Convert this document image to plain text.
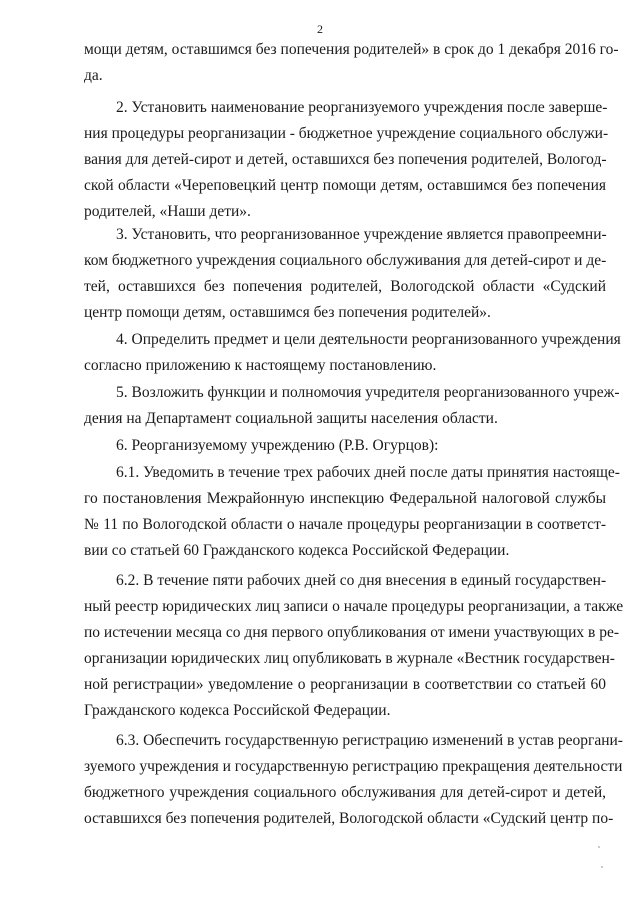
2

мощи детям, оставшимся без попечения родителей» в срок до 1 декабря 2016 го-

да.

2. Установить наименование реорганизуемого учреждения после заверше-

ния процедуры реорганизации - бюджетное учреждение социального обслужи-

вания для детей-сирот и детей, оставшихся без попечения родителей, Вологод-

ской области «Череповецкий центр помощи детям, оставшимся без попечения

родителей, «Наши дети».

3. Установить, что реорганизованное учреждение является правопреемни-

ком бюджетного учреждения социального обслуживания для детей-сирот и де-

тей, оставшихся без попечения родителей, Вологодской области «Судский

центр помощи детям, оставшимся без попечения родителей».

4. Определить предмет и цели деятельности реорганизованного учреждения

согласно приложению к настоящему постановлению.

5. Возложить функции и полномочия учредителя реорганизованного учреж-

дения на Департамент социальной защиты населения области.

6. Реорганизуемому учреждению (Р.В. Огурцов):

6.1. Уведомить в течение трех рабочих дней после даты принятия настояще-

го постановления Межрайонную инспекцию Федеральной налоговой службы

№ 11 по Вологодской области о начале процедуры реорганизации в соответст-

вии со статьей 60 Гражданского кодекса Российской Федерации.

6.2. В течение пяти рабочих дней со дня внесения в единый государствен-

ный реестр юридических лиц записи о начале процедуры реорганизации, а также

по истечении месяца со дня первого опубликования от имени участвующих в ре-

организации юридических лиц опубликовать в журнале «Вестник государствен-

ной регистрации» уведомление о реорганизации в соответствии со статьей 60

Гражданского кодекса Российской Федерации.

6.3. Обеспечить государственную регистрацию изменений в устав реоргани-

зуемого учреждения и государственную регистрацию прекращения деятельности

бюджетного учреждения социального обслуживания для детей-сирот и детей,

оставшихся без попечения родителей, Вологодской области «Судский центр по-
